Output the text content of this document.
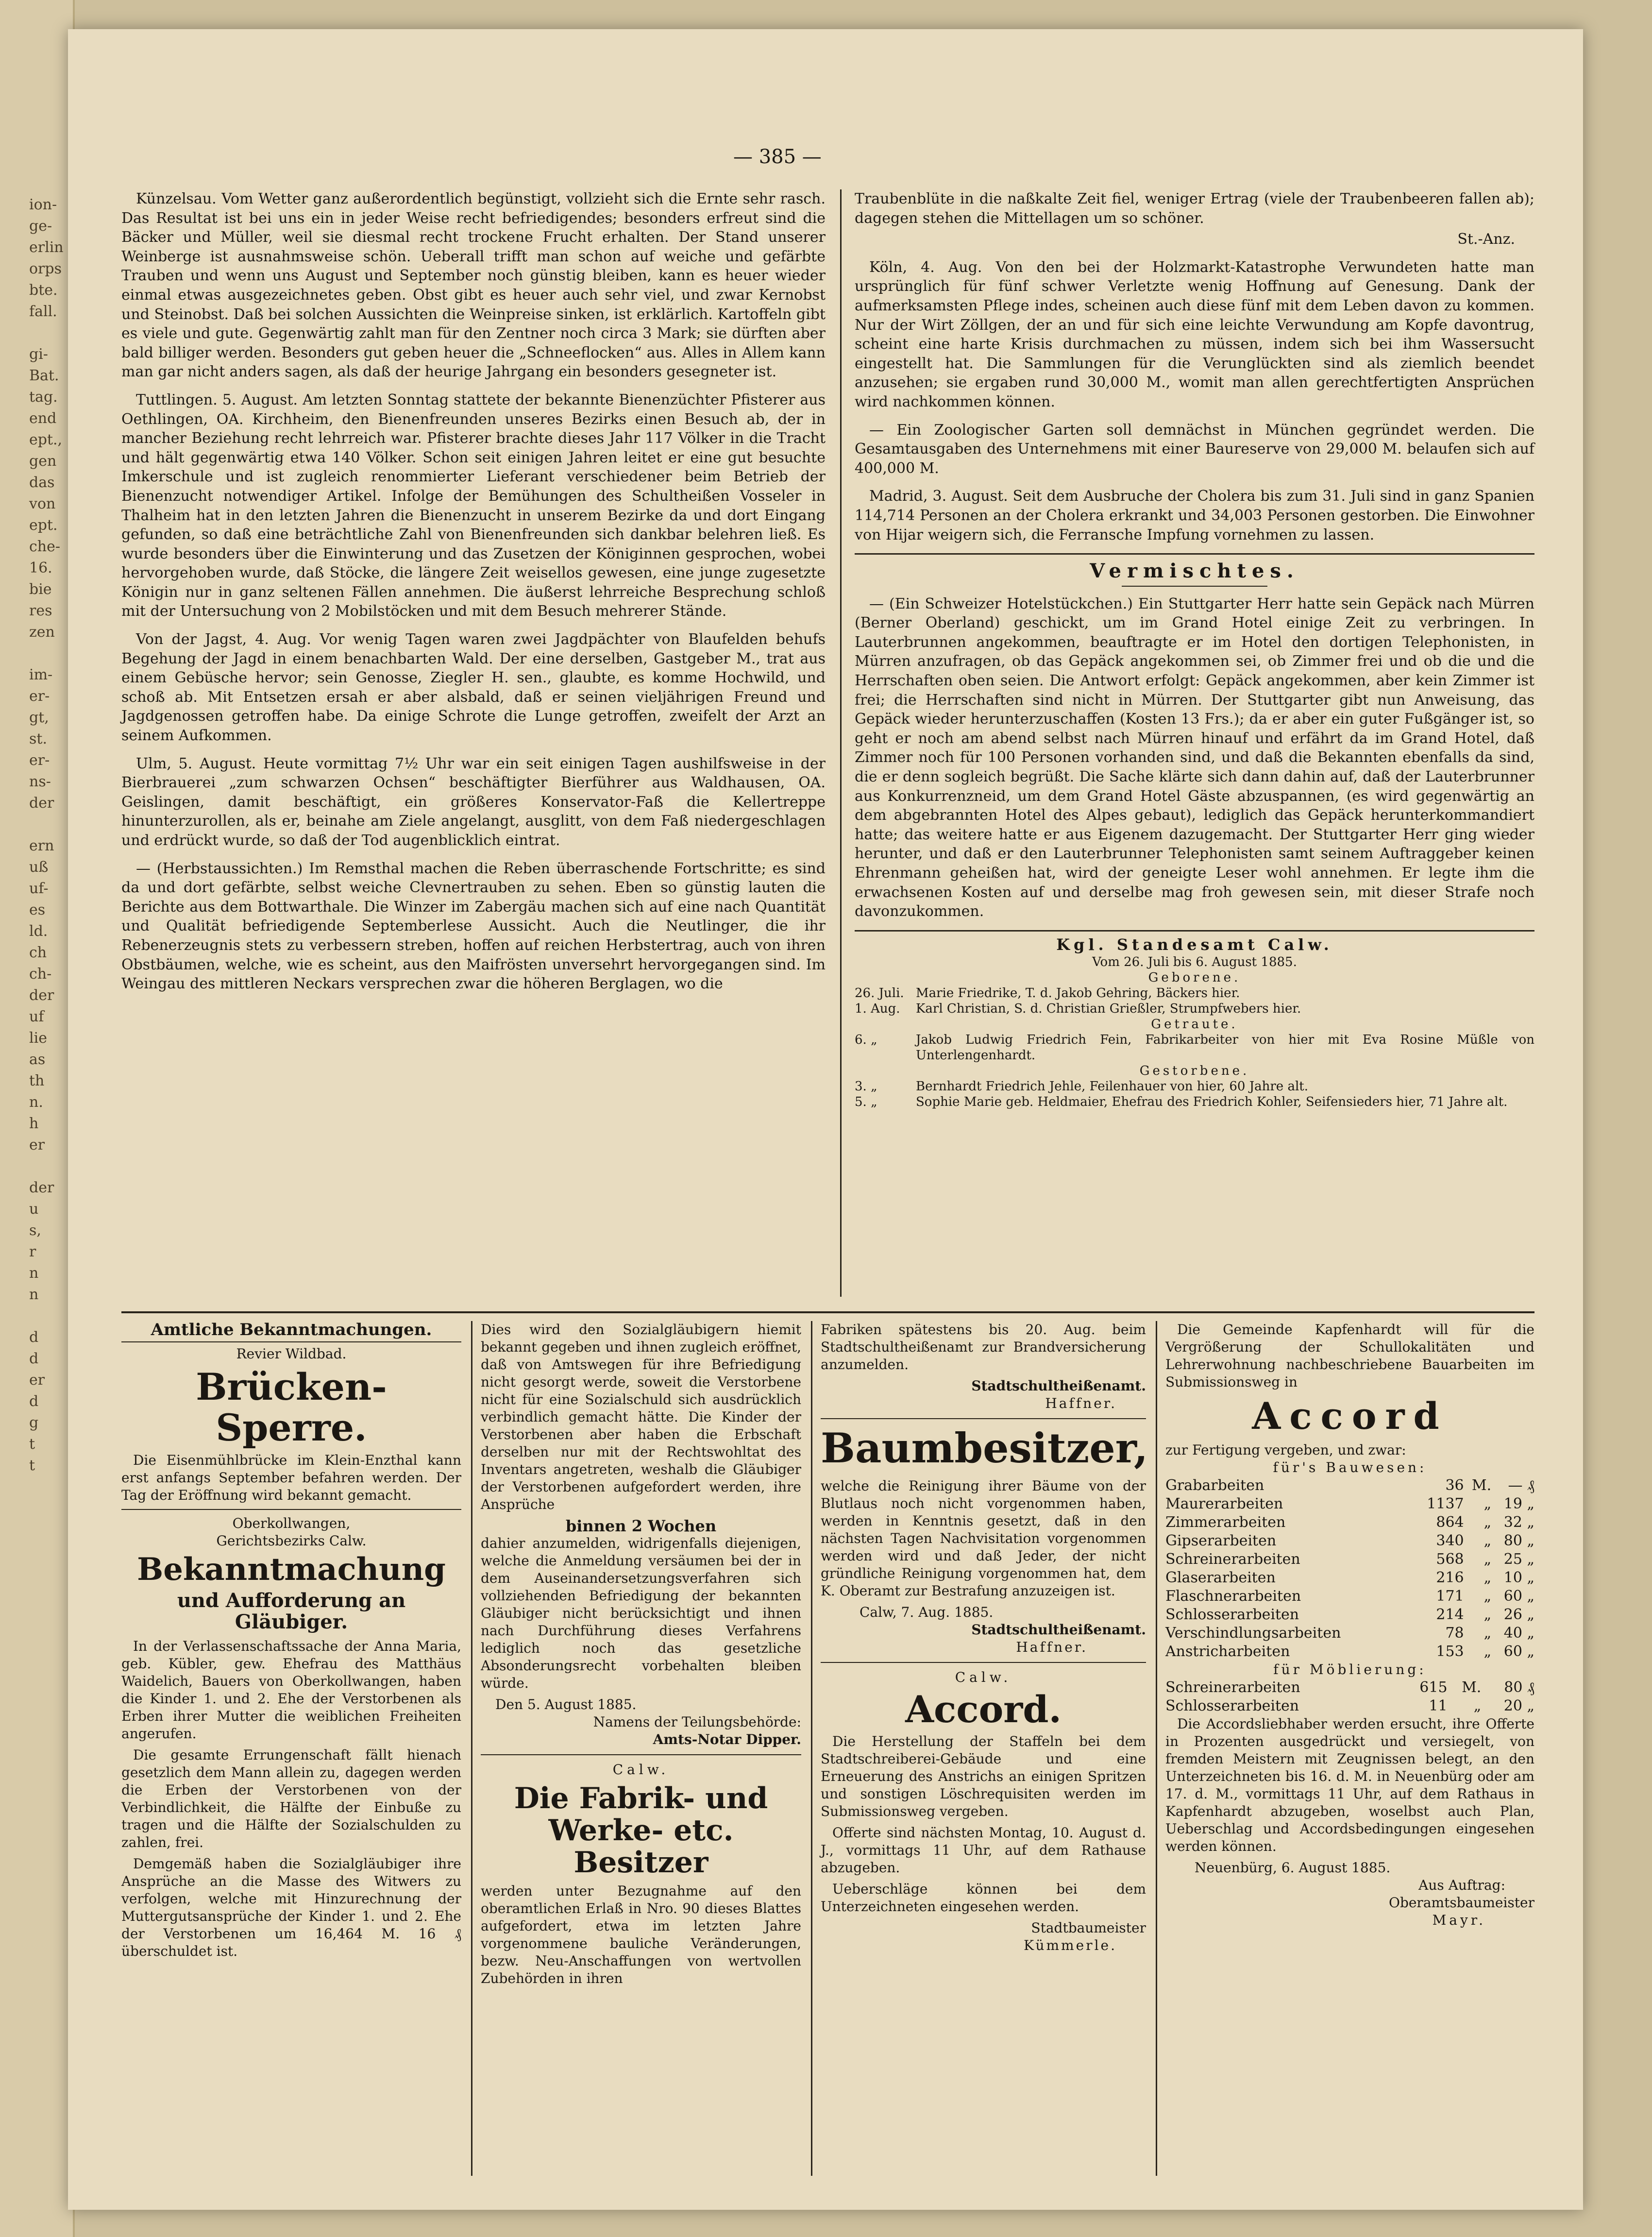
ion-
ge-
erlin
orps
bte.
fall.

gi-
Bat.
tag.
end
ept.,
gen
das
von
ept.
che-
16.
bie
res
zen

im-
er-
gt,
st.
er-
ns-
der

ern
uß
uf-
es
ld.
ch
ch-
der
uf
lie
as
th
n.
h
er

der
u
s,
r
n
n

d
d
er
d
g
t
t
— 385 —

Künzelsau. Vom Wetter ganz außerordentlich begünstigt, vollzieht sich die Ernte sehr rasch. Das Resultat ist bei uns ein in jeder Weise recht befriedigendes; besonders erfreut sind die Bäcker und Müller, weil sie diesmal recht trockene Frucht erhalten. Der Stand unserer Weinberge ist ausnahmsweise schön. Ueberall trifft man schon auf weiche und gefärbte Trauben und wenn uns August und September noch günstig bleiben, kann es heuer wieder einmal etwas ausgezeichnetes geben. Obst gibt es heuer auch sehr viel, und zwar Kernobst und Steinobst. Daß bei solchen Aussichten die Weinpreise sinken, ist erklärlich. Kartoffeln gibt es viele und gute. Gegenwärtig zahlt man für den Zentner noch circa 3 Mark; sie dürften aber bald billiger werden. Besonders gut geben heuer die „Schneeflocken“ aus. Alles in Allem kann man gar nicht anders sagen, als daß der heurige Jahrgang ein besonders gesegneter ist.

Tuttlingen. 5. August. Am letzten Sonntag stattete der bekannte Bienenzüchter Pfisterer aus Oethlingen, OA. Kirchheim, den Bienenfreunden unseres Bezirks einen Besuch ab, der in mancher Beziehung recht lehrreich war. Pfisterer brachte dieses Jahr 117 Völker in die Tracht und hält gegenwärtig etwa 140 Völker. Schon seit einigen Jahren leitet er eine gut besuchte Imkerschule und ist zugleich renommierter Lieferant verschiedener beim Betrieb der Bienenzucht notwendiger Artikel. Infolge der Bemühungen des Schultheißen Vosseler in Thalheim hat in den letzten Jahren die Bienenzucht in unserem Bezirke da und dort Eingang gefunden, so daß eine beträchtliche Zahl von Bienenfreunden sich dankbar belehren ließ. Es wurde besonders über die Einwinterung und das Zusetzen der Königinnen gesprochen, wobei hervorgehoben wurde, daß Stöcke, die längere Zeit weisellos gewesen, eine junge zugesetzte Königin nur in ganz seltenen Fällen annehmen. Die äußerst lehrreiche Besprechung schloß mit der Untersuchung von 2 Mobilstöcken und mit dem Besuch mehrerer Stände.

Von der Jagst, 4. Aug. Vor wenig Tagen waren zwei Jagdpächter von Blaufelden behufs Begehung der Jagd in einem benachbarten Wald. Der eine derselben, Gastgeber M., trat aus einem Gebüsche hervor; sein Genosse, Ziegler H. sen., glaubte, es komme Hochwild, und schoß ab. Mit Entsetzen ersah er aber alsbald, daß er seinen vieljährigen Freund und Jagdgenossen getroffen habe. Da einige Schrote die Lunge getroffen, zweifelt der Arzt an seinem Aufkommen.

Ulm, 5. August. Heute vormittag 7½ Uhr war ein seit einigen Tagen aushilfsweise in der Bierbrauerei „zum schwarzen Ochsen“ beschäftigter Bierführer aus Waldhausen, OA. Geislingen, damit beschäftigt, ein größeres Konservator-Faß die Kellertreppe hinunterzurollen, als er, beinahe am Ziele angelangt, ausglitt, von dem Faß niedergeschlagen und erdrückt wurde, so daß der Tod augenblicklich eintrat.

— (Herbstaussichten.) Im Remsthal machen die Reben überraschende Fortschritte; es sind da und dort gefärbte, selbst weiche Clevnertrauben zu sehen. Eben so günstig lauten die Berichte aus dem Bottwarthale. Die Winzer im Zabergäu machen sich auf eine nach Quantität und Qualität befriedigende Septemberlese Aussicht. Auch die Neutlinger, die ihr Rebenerzeugnis stets zu verbessern streben, hoffen auf reichen Herbstertrag, auch von ihren Obstbäumen, welche, wie es scheint, aus den Maifrösten unversehrt hervorgegangen sind. Im Weingau des mittleren Neckars versprechen zwar die höheren Berglagen, wo die

Traubenblüte in die naßkalte Zeit fiel, weniger Ertrag (viele der Traubenbeeren fallen ab); dagegen stehen die Mittellagen um so schöner.

St.-Anz.

Köln, 4. Aug. Von den bei der Holzmarkt-Katastrophe Verwundeten hatte man ursprünglich für fünf schwer Verletzte wenig Hoffnung auf Genesung. Dank der aufmerksamsten Pflege indes, scheinen auch diese fünf mit dem Leben davon zu kommen. Nur der Wirt Zöllgen, der an und für sich eine leichte Verwundung am Kopfe davontrug, scheint eine harte Krisis durchmachen zu müssen, indem sich bei ihm Wassersucht eingestellt hat. Die Sammlungen für die Verunglückten sind als ziemlich beendet anzusehen; sie ergaben rund 30,000 M., womit man allen gerechtfertigten Ansprüchen wird nachkommen können.

— Ein Zoologischer Garten soll demnächst in München gegründet werden. Die Gesamtausgaben des Unternehmens mit einer Baureserve von 29,000 M. belaufen sich auf 400,000 M.

Madrid, 3. August. Seit dem Ausbruche der Cholera bis zum 31. Juli sind in ganz Spanien 114,714 Personen an der Cholera erkrankt und 34,003 Personen gestorben. Die Einwohner von Hijar weigern sich, die Ferransche Impfung vornehmen zu lassen.

Vermischtes.

— (Ein Schweizer Hotelstückchen.) Ein Stuttgarter Herr hatte sein Gepäck nach Mürren (Berner Oberland) geschickt, um im Grand Hotel einige Zeit zu verbringen. In Lauterbrunnen angekommen, beauftragte er im Hotel den dortigen Telephonisten, in Mürren anzufragen, ob das Gepäck angekommen sei, ob Zimmer frei und ob die und die Herrschaften oben seien. Die Antwort erfolgt: Gepäck angekommen, aber kein Zimmer ist frei; die Herrschaften sind nicht in Mürren. Der Stuttgarter gibt nun Anweisung, das Gepäck wieder herunterzuschaffen (Kosten 13 Frs.); da er aber ein guter Fußgänger ist, so geht er noch am abend selbst nach Mürren hinauf und erfährt da im Grand Hotel, daß Zimmer noch für 100 Personen vorhanden sind, und daß die Bekannten ebenfalls da sind, die er denn sogleich begrüßt. Die Sache klärte sich dann dahin auf, daß der Lauterbrunner aus Konkurrenzneid, um dem Grand Hotel Gäste abzuspannen, (es wird gegenwärtig an dem abgebrannten Hotel des Alpes gebaut), lediglich das Gepäck herunterkommandiert hatte; das weitere hatte er aus Eigenem dazugemacht. Der Stuttgarter Herr ging wieder herunter, und daß er den Lauterbrunner Telephonisten samt seinem Auftraggeber keinen Ehrenmann geheißen hat, wird der geneigte Leser wohl annehmen. Er legte ihm die erwachsenen Kosten auf und derselbe mag froh gewesen sein, mit dieser Strafe noch davonzukommen.

Kgl. Standesamt Calw.
Vom 26. Juli bis 6. August 1885.
Geborene.
26. Juli. Marie Friedrike, T. d. Jakob Gehring, Bäckers hier.
1. Aug.	Karl Christian, S. d. Christian Grießler, Strumpfwebers hier.
Getraute.
6. „	Jakob Ludwig Friedrich Fein, Fabrikarbeiter von hier mit Eva Rosine Müßle von Unterlengenhardt.
Gestorbene.
3. „	Bernhardt Friedrich Jehle, Feilenhauer von hier, 60 Jahre alt.
5. „	Sophie Marie geb. Heldmaier, Ehefrau des Friedrich Kohler, Seifensieders hier, 71 Jahre alt.
Amtliche Bekanntmachungen.
Revier Wildbad.
Brücken-Sperre.

Die Eisenmühlbrücke im Klein-Enzthal kann erst anfangs September befahren werden. Der Tag der Eröffnung wird bekannt gemacht.

Oberkollwangen,
Gerichtsbezirks Calw.
Bekanntmachung
und Aufforderung an Gläubiger.

In der Verlassenschaftssache der Anna Maria, geb. Kübler, gew. Ehefrau des Matthäus Waidelich, Bauers von Oberkollwangen, haben die Kinder 1. und 2. Ehe der Verstorbenen als Erben ihrer Mutter die weiblichen Freiheiten angerufen.

Die gesamte Errungenschaft fällt hienach gesetzlich dem Mann allein zu, dagegen werden die Erben der Verstorbenen von der Verbindlichkeit, die Hälfte der Einbuße zu tragen und die Hälfte der Sozialschulden zu zahlen, frei.

Demgemäß haben die Sozialgläubiger ihre Ansprüche an die Masse des Witwers zu verfolgen, welche mit Hinzurechnung der Muttergutsansprüche der Kinder 1. und 2. Ehe der Verstorbenen um 16,464 M. 16 ₰ überschuldet ist.

Dies wird den Sozialgläubigern hiemit bekannt gegeben und ihnen zugleich eröffnet, daß von Amtswegen für ihre Befriedigung nicht gesorgt werde, soweit die Verstorbene nicht für eine Sozialschuld sich ausdrücklich verbindlich gemacht hätte. Die Kinder der Verstorbenen aber haben die Erbschaft derselben nur mit der Rechtswohltat des Inventars angetreten, weshalb die Gläubiger der Verstorbenen aufgefordert werden, ihre Ansprüche

binnen 2 Wochen

dahier anzumelden, widrigenfalls diejenigen, welche die Anmeldung versäumen bei der in dem Auseinandersetzungsverfahren sich vollziehenden Befriedigung der bekannten Gläubiger nicht berücksichtigt und ihnen nach Durchführung dieses Verfahrens lediglich noch das gesetzliche Absonderungsrecht vorbehalten bleiben würde.

Den 5. August 1885.
Namens der Teilungsbehörde:
Amts-Notar Dipper.
Calw.
Die Fabrik- und Werke- etc. Besitzer

werden unter Bezugnahme auf den oberamtlichen Erlaß in Nro. 90 dieses Blattes aufgefordert, etwa im letzten Jahre vorgenommene bauliche Veränderungen, bezw. Neu-Anschaffungen von wertvollen Zubehörden in ihren

Fabriken spätestens bis 20. Aug. beim Stadtschultheißenamt zur Brandversicherung anzumelden.

Stadtschultheißenamt.
Haffner.
Baumbesitzer,

welche die Reinigung ihrer Bäume von der Blutlaus noch nicht vorgenommen haben, werden in Kenntnis gesetzt, daß in den nächsten Tagen Nachvisitation vorgenommen werden wird und daß Jeder, der nicht gründliche Reinigung vorgenommen hat, dem K. Oberamt zur Bestrafung anzuzeigen ist.

Calw, 7. Aug. 1885.
Stadtschultheißenamt.
Haffner.
Calw.
Accord.

Die Herstellung der Staffeln bei dem Stadtschreiberei-Gebäude und eine Erneuerung des Anstrichs an einigen Spritzen und sonstigen Löschrequisiten werden im Submissionsweg vergeben.

Offerte sind nächsten Montag, 10. August d. J., vormittags 11 Uhr, auf dem Rathause abzugeben.

Ueberschläge können bei dem Unterzeichneten eingesehen werden.

Stadtbaumeister
Kümmerle.

Die Gemeinde Kapfenhardt will für die Vergrößerung der Schullokalitäten und Lehrerwohnung nachbeschriebene Bauarbeiten im Submissionsweg in

Accord
zur Fertigung vergeben, und zwar:
für's Bauwesen:
Grabarbeiten	36	M.	— ₰
Maurerarbeiten	1137	„	19 „
Zimmerarbeiten	864	„	32 „
Gipserarbeiten	340	„	80 „
Schreinerarbeiten	568	„	25 „
Glaserarbeiten	216	„	10 „
Flaschnerarbeiten	171	„	60 „
Schlosserarbeiten	214	„	26 „
Verschindlungsarbeiten	78	„	40 „
Anstricharbeiten	153	„	60 „
für Möblierung:
Schreinerarbeiten	615	M.	80 ₰
Schlosserarbeiten	11	„	20 „

Die Accordsliebhaber werden ersucht, ihre Offerte in Prozenten ausgedrückt und versiegelt, von fremden Meistern mit Zeugnissen belegt, an den Unterzeichneten bis 16. d. M. in Neuenbürg oder am 17. d. M., vormittags 11 Uhr, auf dem Rathaus in Kapfenhardt abzugeben, woselbst auch Plan, Ueberschlag und Accordsbedingungen eingesehen werden können.

Neuenbürg, 6. August 1885.
Aus Auftrag:
Oberamtsbaumeister
Mayr.
